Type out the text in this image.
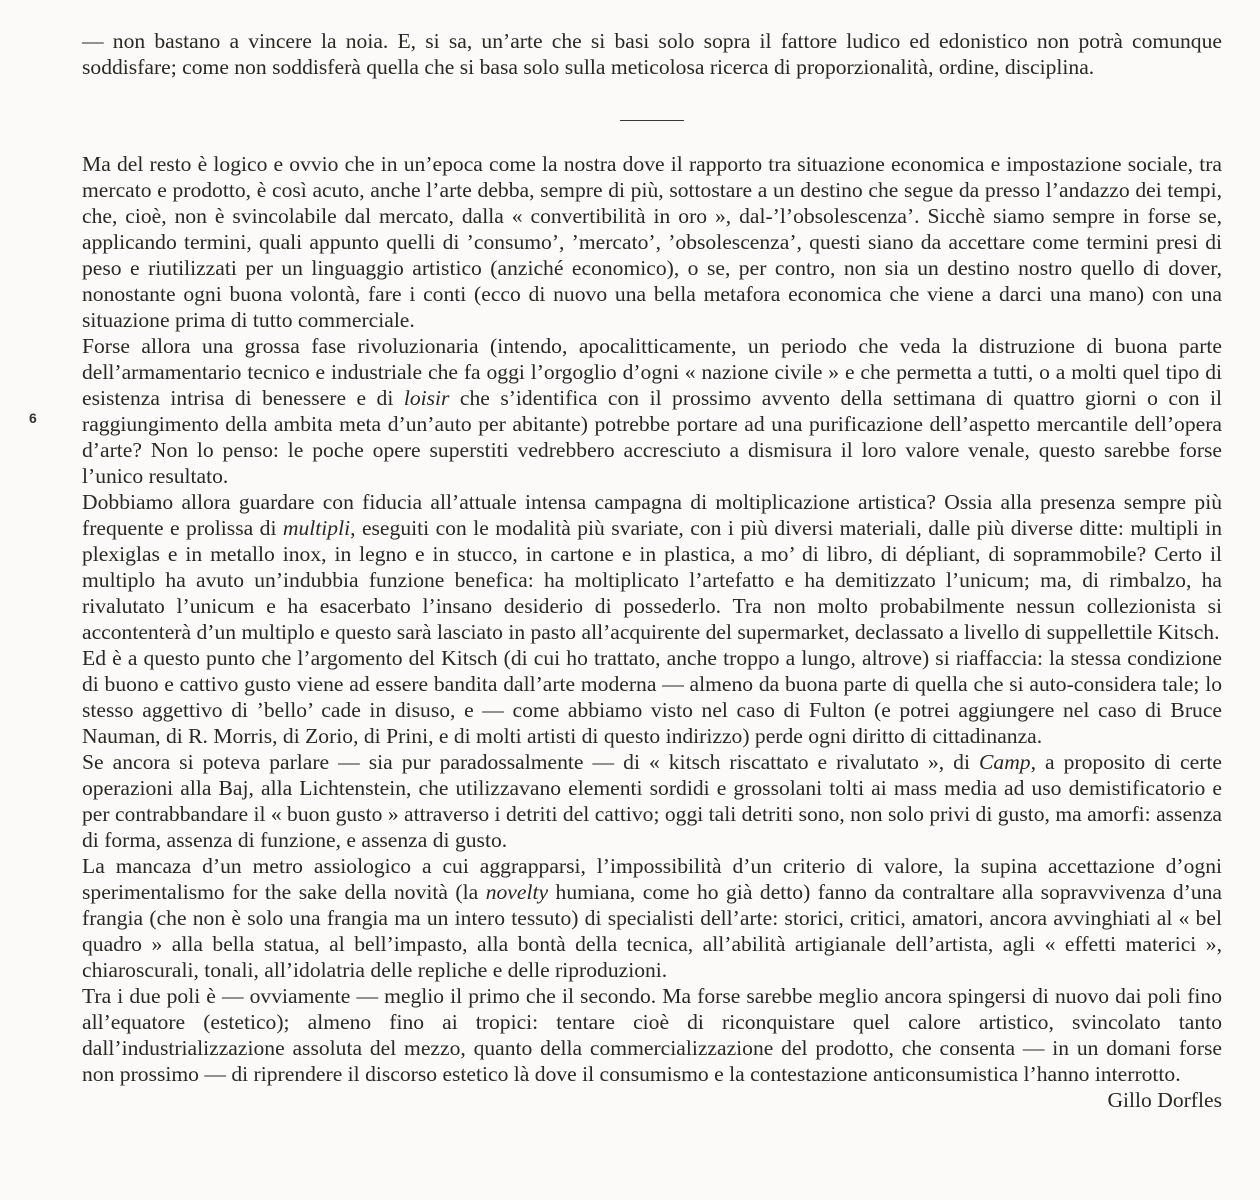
6

— non bastano a vincere la noia. E, si sa, un’arte che si basi solo sopra il fattore ludico ed edonistico non potrà comunque soddisfare; come non soddisferà quella che si basa solo sulla meticolosa ricerca di proporzionalità, ordine, disciplina.

Ma del resto è logico e ovvio che in un’epoca come la nostra dove il rapporto tra situazione economica e impostazione sociale, tra mercato e prodotto, è così acuto, anche l’arte debba, sempre di più, sottostare a un destino che segue da presso l’andazzo dei tempi, che, cioè, non è svincolabile dal mercato, dalla « convertibilità in oro », dal-’l’obsolescenza’. Sicchè siamo sempre in forse se, applicando termini, quali appunto quelli di ’consumo’, ’mercato’, ’obsolescenza’, questi siano da accettare come termini presi di peso e riutilizzati per un linguaggio artistico (anziché economico), o se, per contro, non sia un destino nostro quello di dover, nonostante ogni buona volontà, fare i conti (ecco di nuovo una bella metafora economica che viene a darci una mano) con una situazione prima di tutto commerciale.

Forse allora una grossa fase rivoluzionaria (intendo, apocalitticamente, un periodo che veda la distruzione di buona parte dell’armamentario tecnico e industriale che fa oggi l’orgoglio d’ogni « nazione civile » e che permetta a tutti, o a molti quel tipo di esistenza intrisa di benessere e di loisir che s’identifica con il prossimo avvento della settimana di quattro giorni o con il raggiungimento della ambita meta d’un’auto per abitante) potrebbe portare ad una purificazione dell’aspetto mercantile dell’opera d’arte? Non lo penso: le poche opere superstiti vedrebbero accresciuto a dismisura il loro valore venale, questo sarebbe forse l’unico resultato.

Dobbiamo allora guardare con fiducia all’attuale intensa campagna di moltiplicazione artistica? Ossia alla presenza sempre più frequente e prolissa di multipli, eseguiti con le modalità più svariate, con i più diversi materiali, dalle più diverse ditte: multipli in plexiglas e in metallo inox, in legno e in stucco, in cartone e in plastica, a mo’ di libro, di dépliant, di soprammobile? Certo il multiplo ha avuto un’indubbia funzione benefica: ha moltiplicato l’artefatto e ha demitizzato l’unicum; ma, di rimbalzo, ha rivalutato l’unicum e ha esacerbato l’insano desiderio di possederlo. Tra non molto probabilmente nessun collezionista si accontenterà d’un multiplo e questo sarà lasciato in pasto all’acquirente del supermarket, declassato a livello di suppellettile Kitsch.

Ed è a questo punto che l’argomento del Kitsch (di cui ho trattato, anche troppo a lungo, altrove) si riaffaccia: la stessa condizione di buono e cattivo gusto viene ad essere bandita dall’arte moderna — almeno da buona parte di quella che si auto-considera tale; lo stesso aggettivo di ’bello’ cade in disuso, e — come abbiamo visto nel caso di Fulton (e potrei aggiungere nel caso di Bruce Nauman, di R. Morris, di Zorio, di Prini, e di molti artisti di questo indirizzo) perde ogni diritto di cittadinanza.

Se ancora si poteva parlare — sia pur paradossalmente — di « kitsch riscattato e rivalutato », di Camp, a proposito di certe operazioni alla Baj, alla Lichtenstein, che utilizzavano elementi sordidi e grossolani tolti ai mass media ad uso demistificatorio e per contrabbandare il « buon gusto » attraverso i detriti del cattivo; oggi tali detriti sono, non solo privi di gusto, ma amorfi: assenza di forma, assenza di funzione, e assenza di gusto.

La mancaza d’un metro assiologico a cui aggrapparsi, l’impossibilità d’un criterio di valore, la supina accettazione d’ogni sperimentalismo for the sake della novità (la novelty humiana, come ho già detto) fanno da contraltare alla sopravvivenza d’una frangia (che non è solo una frangia ma un intero tessuto) di specialisti dell’arte: storici, critici, amatori, ancora avvinghiati al « bel quadro » alla bella statua, al bell’impasto, alla bontà della tecnica, all’abilità artigianale dell’artista, agli « effetti materici », chiaroscurali, tonali, all’idolatria delle repliche e delle riproduzioni.

Tra i due poli è — ovviamente — meglio il primo che il secondo. Ma forse sarebbe meglio ancora spingersi di nuovo dai poli fino all’equatore (estetico); almeno fino ai tropici: tentare cioè di riconquistare quel calore artistico, svincolato tanto dall’industrializzazione assoluta del mezzo, quanto della commercializzazione del prodotto, che consenta — in un domani forse non prossimo — di riprendere il discorso estetico là dove il consumismo e la contestazione anticonsumistica l’hanno interrotto.

Gillo Dorfles
